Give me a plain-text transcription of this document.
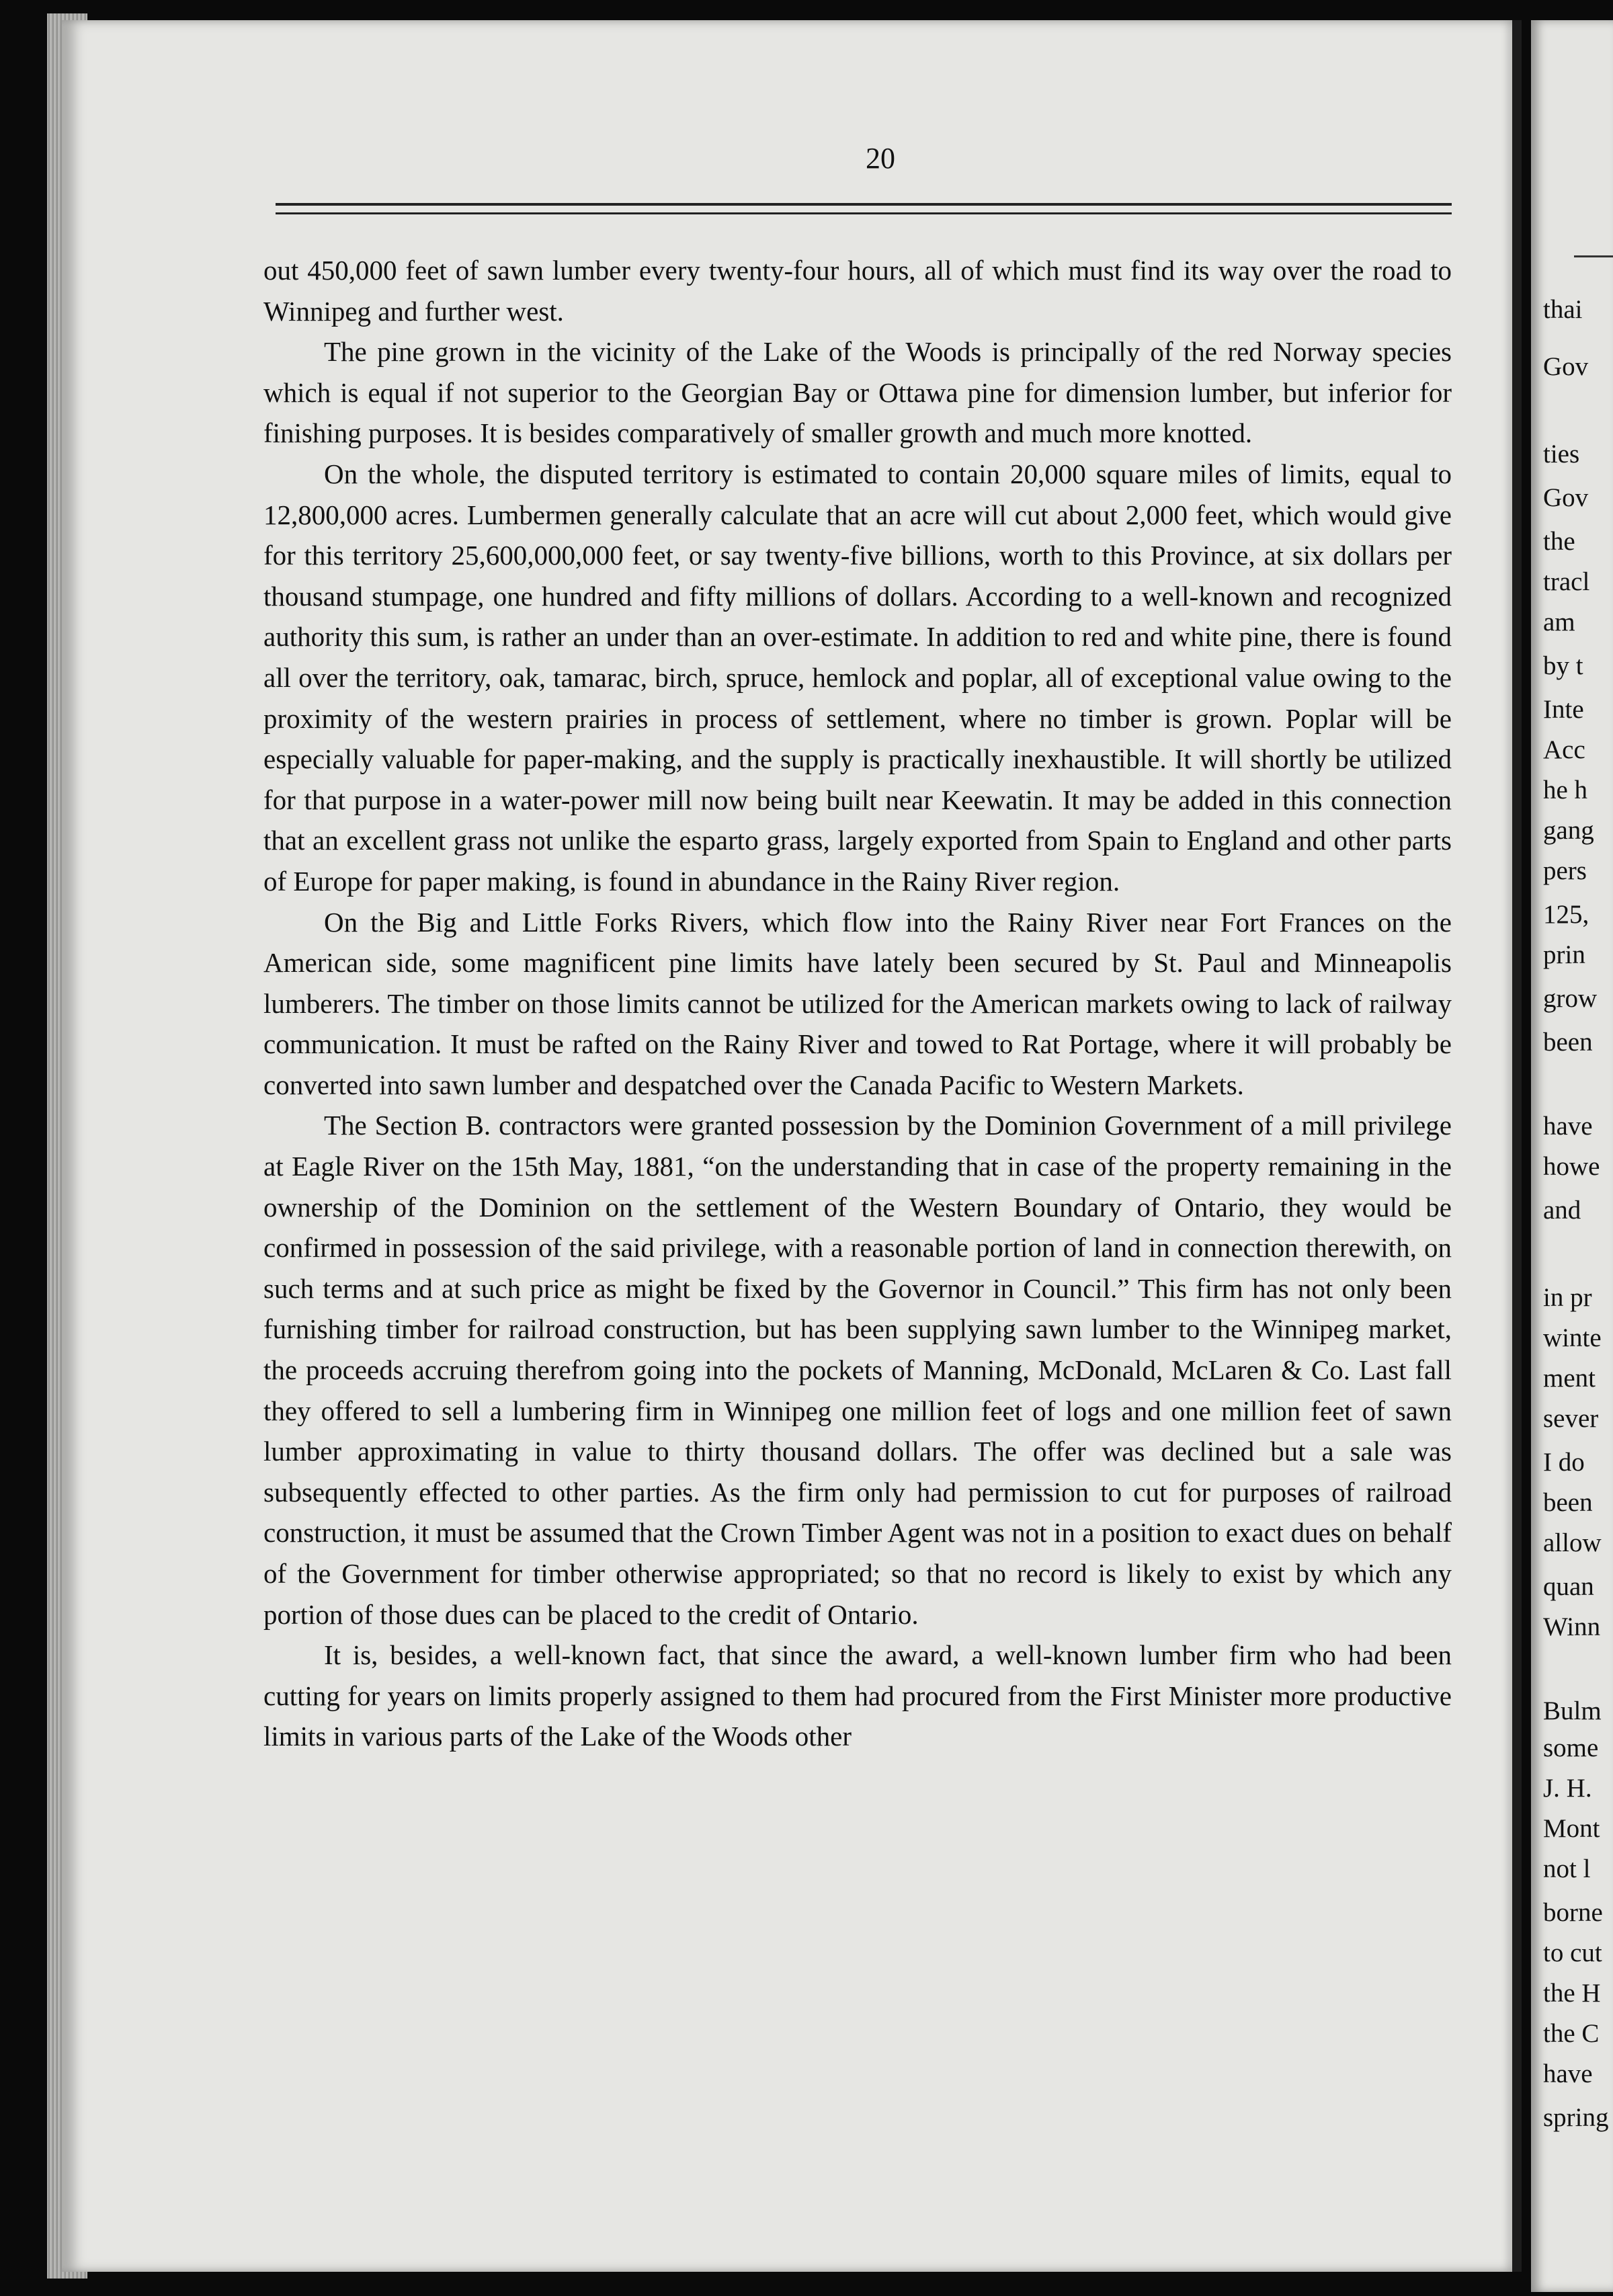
20

out 450,000 feet of sawn lumber every twenty-four hours, all of which must find its way over the road to Winnipeg and further west.

The pine grown in the vicinity of the Lake of the Woods is principally of the red Norway species which is equal if not superior to the Georgian Bay or Ottawa pine for dimension lumber, but inferior for finishing purposes. It is besides comparatively of smaller growth and much more knotted.

On the whole, the disputed territory is estimated to contain 20,000 square miles of limits, equal to 12,800,000 acres. Lumbermen generally calculate that an acre will cut about 2,000 feet, which would give for this territory 25,600,000,000 feet, or say twenty-five billions, worth to this Province, at six dollars per thousand stumpage, one hundred and fifty millions of dollars. According to a well-known and recognized authority this sum, is rather an under than an over-estimate. In addition to red and white pine, there is found all over the territory, oak, tamarac, birch, spruce, hemlock and poplar, all of exceptional value owing to the proximity of the western prairies in process of settlement, where no timber is grown. Poplar will be especially valuable for paper-making, and the supply is practically inexhaustible. It will shortly be utilized for that purpose in a water-power mill now being built near Keewatin. It may be added in this connection that an excellent grass not unlike the esparto grass, largely exported from Spain to England and other parts of Europe for paper making, is found in abundance in the Rainy River region.

On the Big and Little Forks Rivers, which flow into the Rainy River near Fort Frances on the American side, some magnificent pine limits have lately been secured by St. Paul and Minneapolis lumberers. The timber on those limits cannot be utilized for the American markets owing to lack of railway communication. It must be rafted on the Rainy River and towed to Rat Portage, where it will probably be converted into sawn lumber and despatched over the Canada Pacific to Western Markets.

The Section B. contractors were granted possession by the Dominion Government of a mill privilege at Eagle River on the 15th May, 1881, “on the understanding that in case of the property remaining in the ownership of the Dominion on the settlement of the Western Boundary of Ontario, they would be confirmed in possession of the said privilege, with a reasonable portion of land in connection therewith, on such terms and at such price as might be fixed by the Governor in Council.” This firm has not only been furnishing timber for railroad construction, but has been supplying sawn lumber to the Winnipeg market, the proceeds accruing therefrom going into the pockets of Manning, McDonald, McLaren & Co. Last fall they offered to sell a lumbering firm in Winnipeg one million feet of logs and one million feet of sawn lumber approximating in value to thirty thousand dollars. The offer was declined but a sale was subsequently effected to other parties. As the firm only had permission to cut for purposes of railroad construction, it must be assumed that the Crown Timber Agent was not in a position to exact dues on behalf of the Government for timber otherwise appropriated; so that no record is likely to exist by which any portion of those dues can be placed to the credit of Ontario.

It is, besides, a well-known fact, that since the award, a well-known lumber firm who had been cutting for years on limits properly assigned to them had procured from the First Minister more productive limits in various parts of the Lake of the Woods other

thai
Gov
ties
Gov
the
tracl
am
by t
Inte
Acc
he h
gang
pers
125,
prin
grow
been
have
howe
and
in pr
winte
ment
sever
I do
been
allow
quan
Winn
Bulm
some
J. H.
Mont
not l
borne
to cut
the H
the C
have
spring
